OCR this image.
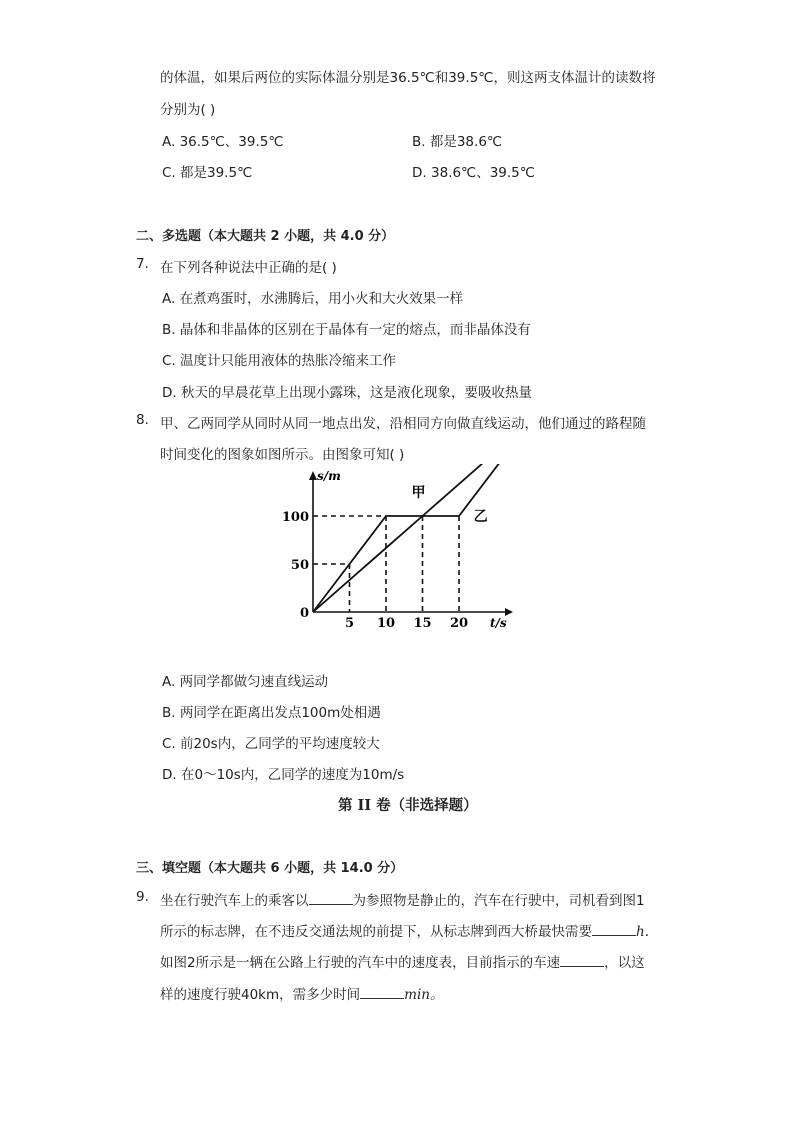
的体温，如果后两位的实际体温分别是36.5℃和39.5℃，则这两支体温计的读数将
分别为( )
A. 36.5℃、39.5℃	B. 都是38.6℃
C. 都是39.5℃	D. 38.6℃、39.5℃
二、多选题（本大题共 2 小题，共 4.0 分）
7. 在下列各种说法中正确的是( )
A. 在煮鸡蛋时，水沸腾后，用小火和大火效果一样
B. 晶体和非晶体的区别在于晶体有一定的熔点，而非晶体没有
C. 温度计只能用液体的热胀冷缩来工作
D. 秋天的早晨花草上出现小露珠，这是液化现象，要吸收热量
8. 甲、乙两同学从同时从同一地点出发，沿相同方向做直线运动，他们通过的路程随
时间变化的图象如图所示。由图象可知( )
s/m
t/s
0
50
100
5 10 15 20
甲
乙
A. 两同学都做匀速直线运动
B. 两同学在距离出发点100m处相遇
C. 前20s内，乙同学的平均速度较大
D. 在0～10s内，乙同学的速度为10m/s
第 II 卷（非选择题）
三、填空题（本大题共 6 小题，共 14.0 分）
9. 坐在行驶汽车上的乘客以	为参照物是静止的，汽车在行驶中，司机看到图1
所示的标志牌，在不违反交通法规的前提下，从标志牌到西大桥最快需要	h.
如图2所示是一辆在公路上行驶的汽车中的速度表，目前指示的车速	，以这
样的速度行驶40km，需多少时间	min。
